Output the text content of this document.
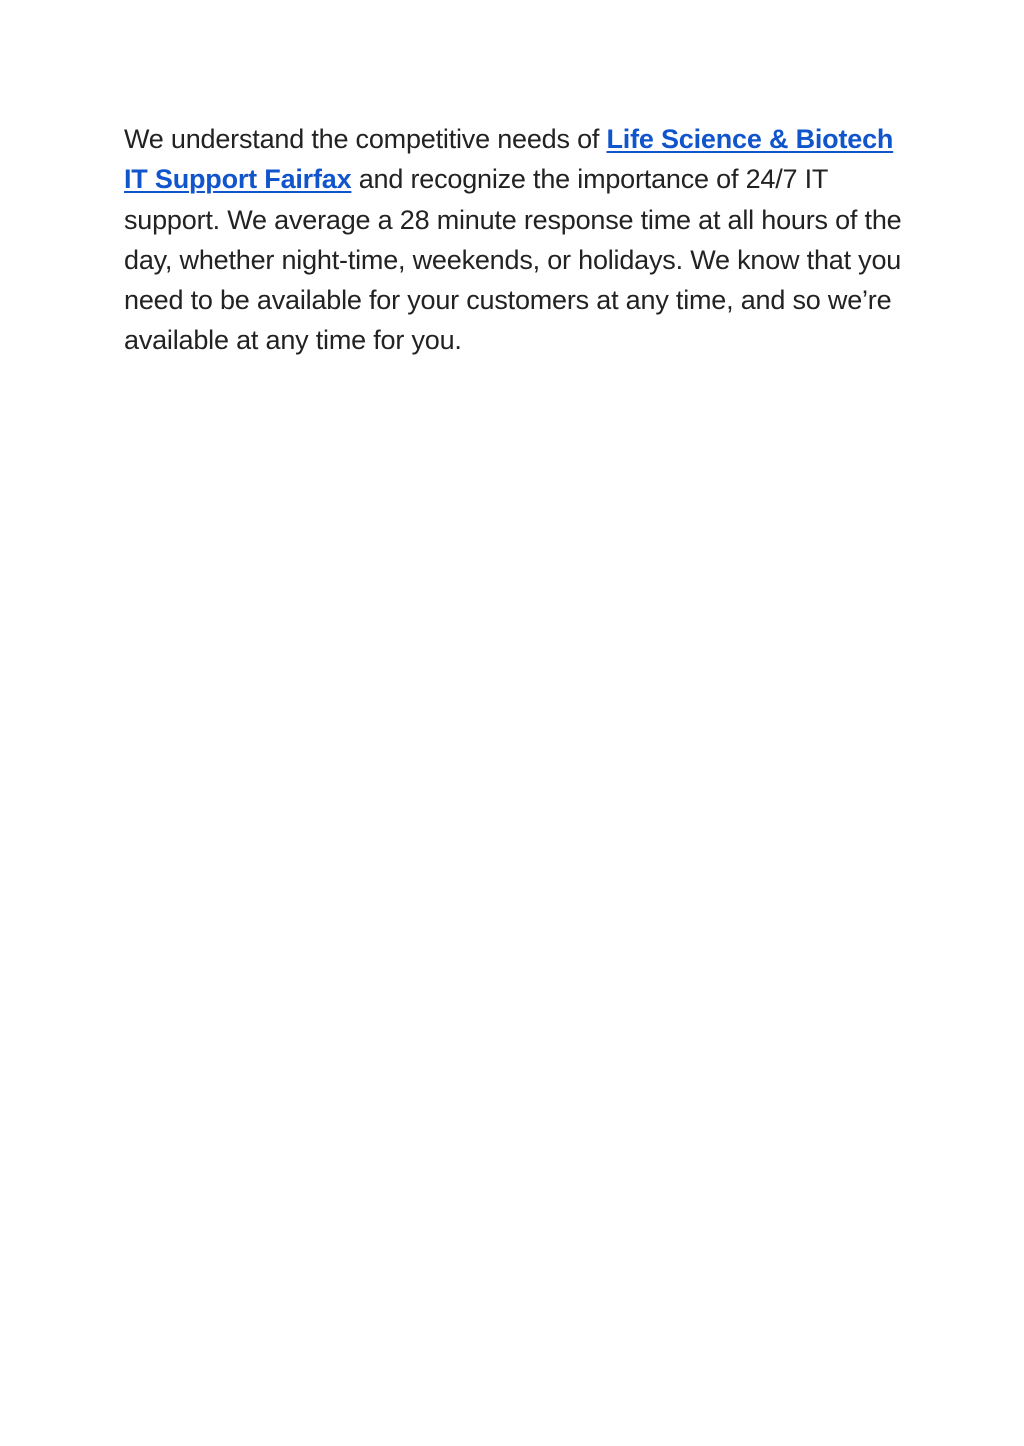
We understand the competitive needs of Life Science & Biotech IT Support Fairfax and recognize the importance of 24/7 IT support. We average a 28 minute response time at all hours of the day, whether night-time, weekends, or holidays. We know that you need to be available for your customers at any time, and so we’re available at any time for you.
